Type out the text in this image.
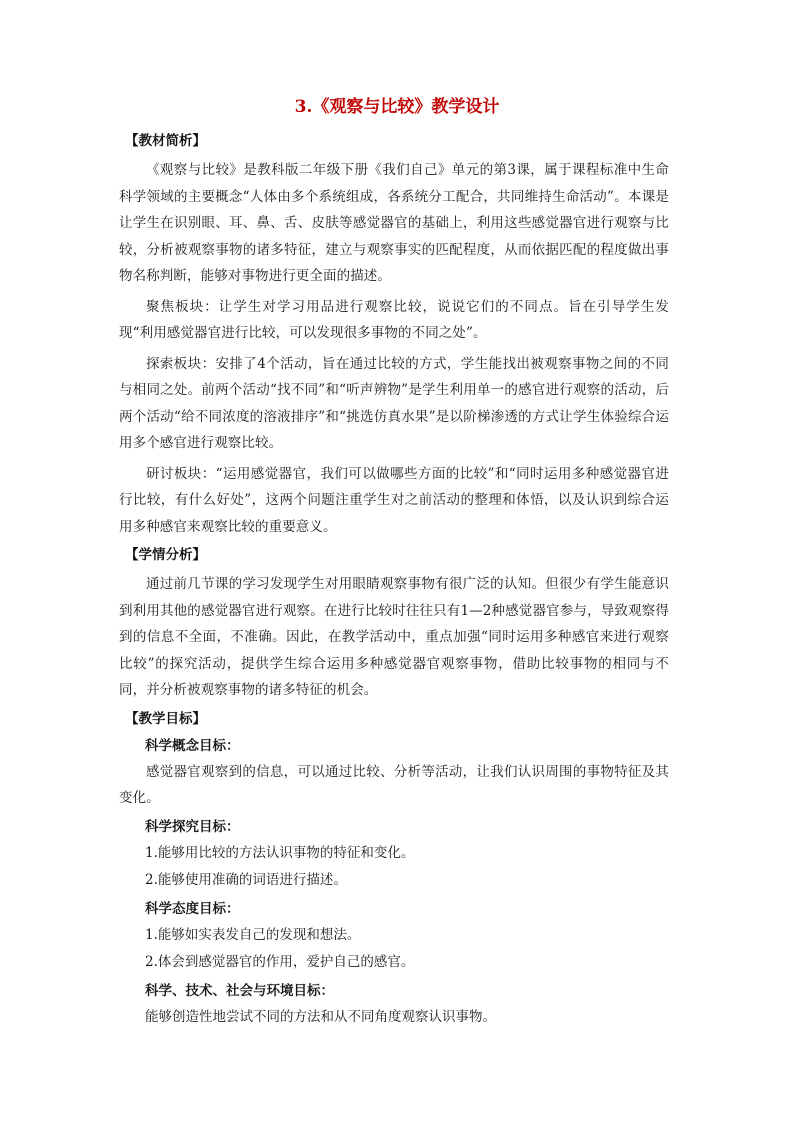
3.《观察与比较》教学设计

【教材简析】

《观察与比较》是教科版二年级下册《我们自己》单元的第3课，属于课程标准中生命科学领域的主要概念“人体由多个系统组成，各系统分工配合，共同维持生命活动”。本课是让学生在识别眼、耳、鼻、舌、皮肤等感觉器官的基础上，利用这些感觉器官进行观察与比较，分析被观察事物的诸多特征，建立与观察事实的匹配程度，从而依据匹配的程度做出事物名称判断，能够对事物进行更全面的描述。

聚焦板块：让学生对学习用品进行观察比较，说说它们的不同点。旨在引导学生发现“利用感觉器官进行比较，可以发现很多事物的不同之处”。

探索板块：安排了4个活动，旨在通过比较的方式，学生能找出被观察事物之间的不同与相同之处。前两个活动“找不同”和“听声辨物”是学生利用单一的感官进行观察的活动，后两个活动“给不同浓度的溶液排序”和“挑选仿真水果”是以阶梯渗透的方式让学生体验综合运用多个感官进行观察比较。

研讨板块：“运用感觉器官，我们可以做哪些方面的比较”和“同时运用多种感觉器官进行比较，有什么好处”，这两个问题注重学生对之前活动的整理和体悟，以及认识到综合运用多种感官来观察比较的重要意义。

【学情分析】

通过前几节课的学习发现学生对用眼睛观察事物有很广泛的认知。但很少有学生能意识到利用其他的感觉器官进行观察。在进行比较时往往只有1—2种感觉器官参与，导致观察得到的信息不全面，不准确。因此，在教学活动中，重点加强“同时运用多种感官来进行观察比较”的探究活动，提供学生综合运用多种感觉器官观察事物，借助比较事物的相同与不同，并分析被观察事物的诸多特征的机会。

【教学目标】

科学概念目标：

感觉器官观察到的信息，可以通过比较、分析等活动，让我们认识周围的事物特征及其变化。

科学探究目标：

1.能够用比较的方法认识事物的特征和变化。

2.能够使用准确的词语进行描述。

科学态度目标：

1.能够如实表发自己的发现和想法。

2.体会到感觉器官的作用，爱护自己的感官。

科学、技术、社会与环境目标：

能够创造性地尝试不同的方法和从不同角度观察认识事物。
